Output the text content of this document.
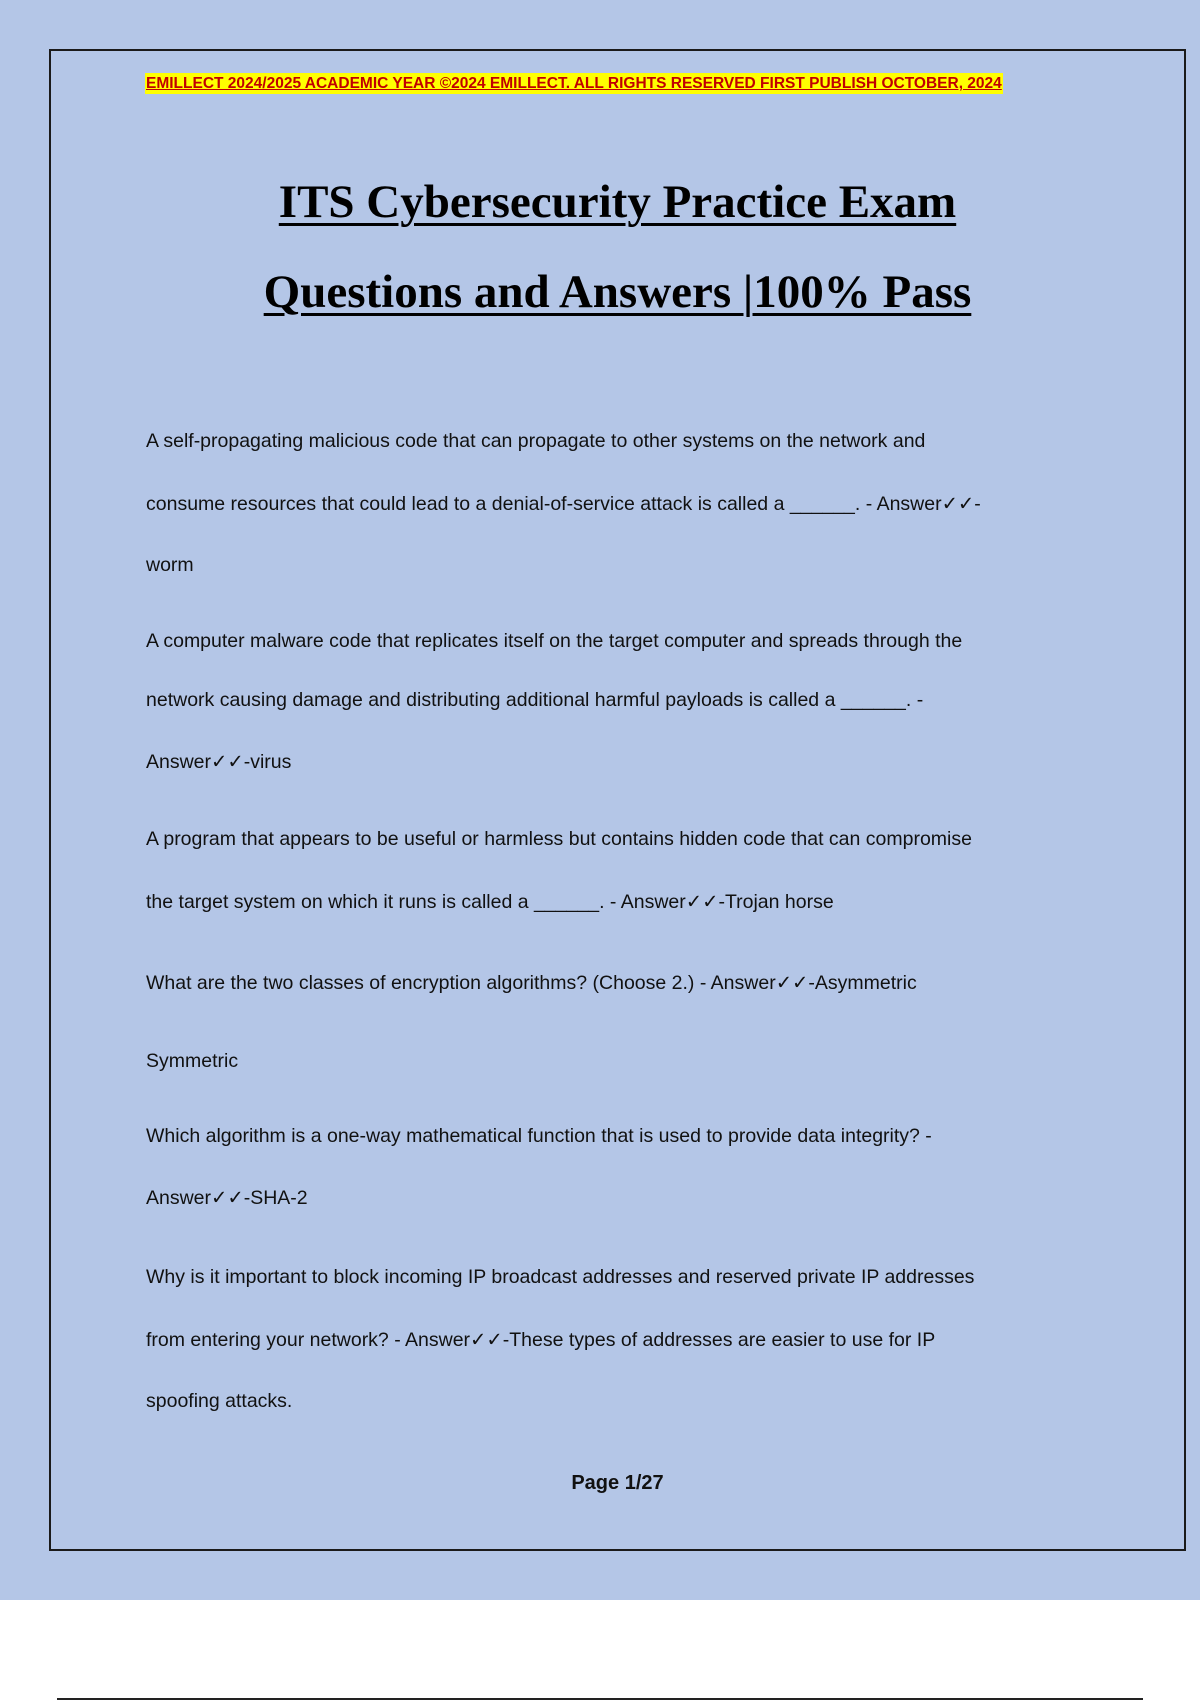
EMILLECT 2024/2025 ACADEMIC YEAR ©2024 EMILLECT. ALL RIGHTS RESERVED FIRST PUBLISH OCTOBER, 2024
ITS Cybersecurity Practice Exam
Questions and Answers |100% Pass
A self-propagating malicious code that can propagate to other systems on the network and
consume resources that could lead to a denial-of-service attack is called a ______. - Answer✓✓-
worm
A computer malware code that replicates itself on the target computer and spreads through the
network causing damage and distributing additional harmful payloads is called a ______. -
Answer✓✓-virus
A program that appears to be useful or harmless but contains hidden code that can compromise
the target system on which it runs is called a ______. - Answer✓✓-Trojan horse
What are the two classes of encryption algorithms? (Choose 2.) - Answer✓✓-Asymmetric
Symmetric
Which algorithm is a one-way mathematical function that is used to provide data integrity? -
Answer✓✓-SHA-2
Why is it important to block incoming IP broadcast addresses and reserved private IP addresses
from entering your network? - Answer✓✓-These types of addresses are easier to use for IP
spoofing attacks.
Page 1/27
